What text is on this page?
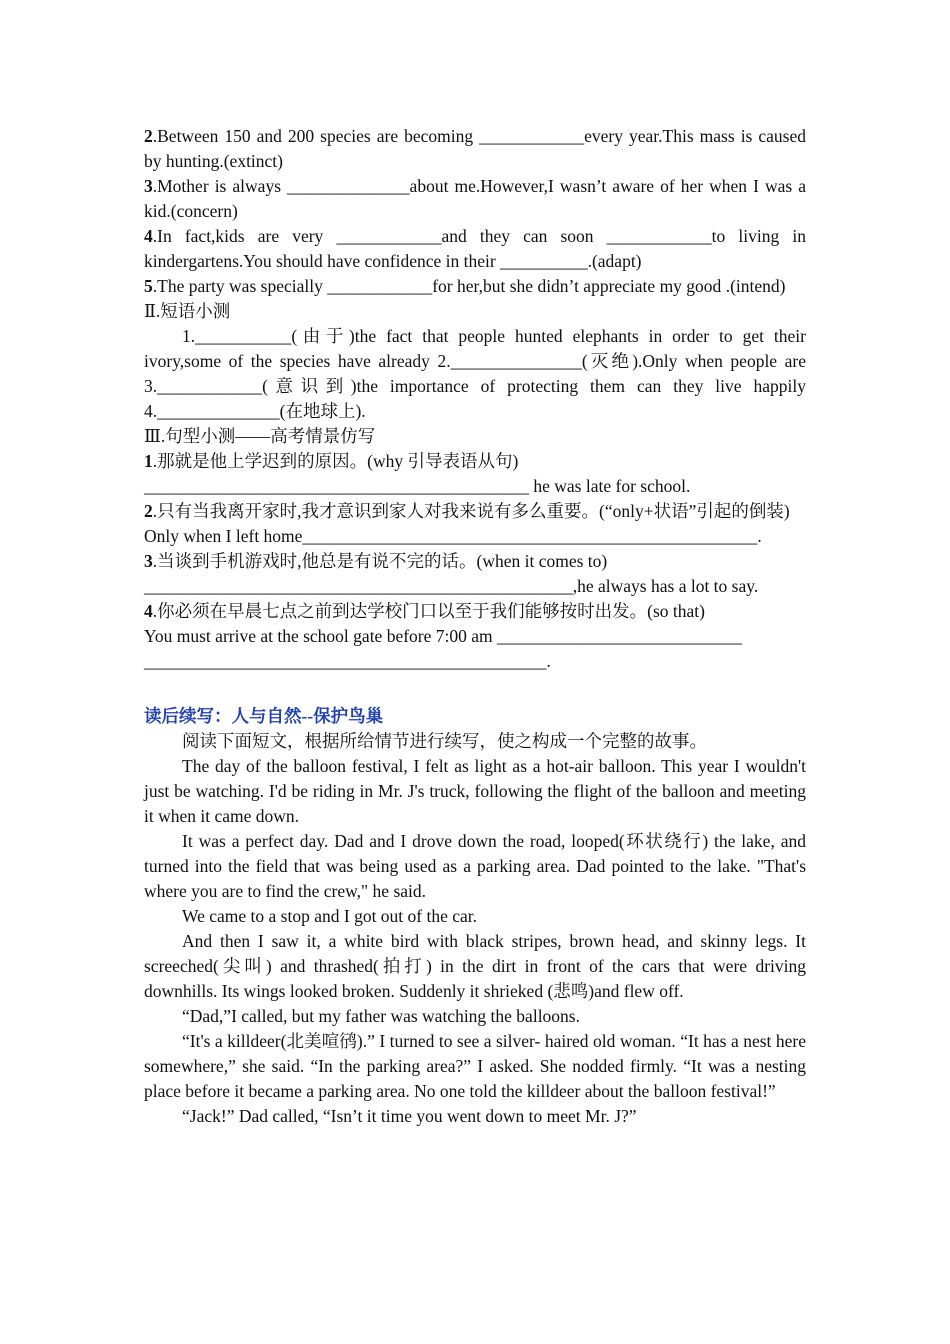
2.Between 150 and 200 species are becoming ____________every year.This mass is caused by hunting.(extinct)

3.Mother is always ______________about me.However,I wasn’t aware of her when I was a kid.(concern)

4.In fact,kids are very ____________and they can soon ____________to living in kindergartens.You should have confidence in their __________.(adapt)

5.The party was specially ____________for her,but she didn’t appreciate my good .(intend)

Ⅱ.短语小测

1.___________(由于)the fact that people hunted elephants in order to get their ivory,some of the species have already 2._______________(灭绝).Only when people are 3.____________(意识到)the importance of protecting them can they live happily 4.______________(在地球上).

Ⅲ.句型小测——高考情景仿写

1.那就是他上学迟到的原因。(why 引导表语从句)

____________________________________________ he was late for school.

2.只有当我离开家时,我才意识到家人对我来说有多么重要。(“only+状语”引起的倒装)

Only when I left home____________________________________________________.

3.当谈到手机游戏时,他总是有说不完的话。(when it comes to)

_________________________________________________,he always has a lot to say.

4.你必须在早晨七点之前到达学校门口以至于我们能够按时出发。(so that)

You must arrive at the school gate before 7:00 am ____________________________

______________________________________________.

读后续写：人与自然--保护鸟巢

阅读下面短文，根据所给情节进行续写，使之构成一个完整的故事。

The day of the balloon festival, I felt as light as a hot-air balloon. This year I wouldn't just be watching. I'd be riding in Mr. J's truck, following the flight of the balloon and meeting it when it came down.

It was a perfect day. Dad and I drove down the road, looped(环状绕行) the lake, and turned into the field that was being used as a parking area. Dad pointed to the lake. "That's where you are to find the crew," he said.

We came to a stop and I got out of the car.

And then I saw it, a white bird with black stripes, brown head, and skinny legs. It screeched(尖叫) and thrashed(拍打) in the dirt in front of the cars that were driving downhills. Its wings looked broken. Suddenly it shrieked (悲鸣)and flew off.

“Dad,”I called, but my father was watching the balloons.

“It's a killdeer(北美喧鸻).” I turned to see a silver- haired old woman. “It has a nest here somewhere,” she said. “In the parking area?” I asked. She nodded firmly. “It was a nesting place before it became a parking area. No one told the killdeer about the balloon festival!”

“Jack!” Dad called, “Isn’t it time you went down to meet Mr. J?”
